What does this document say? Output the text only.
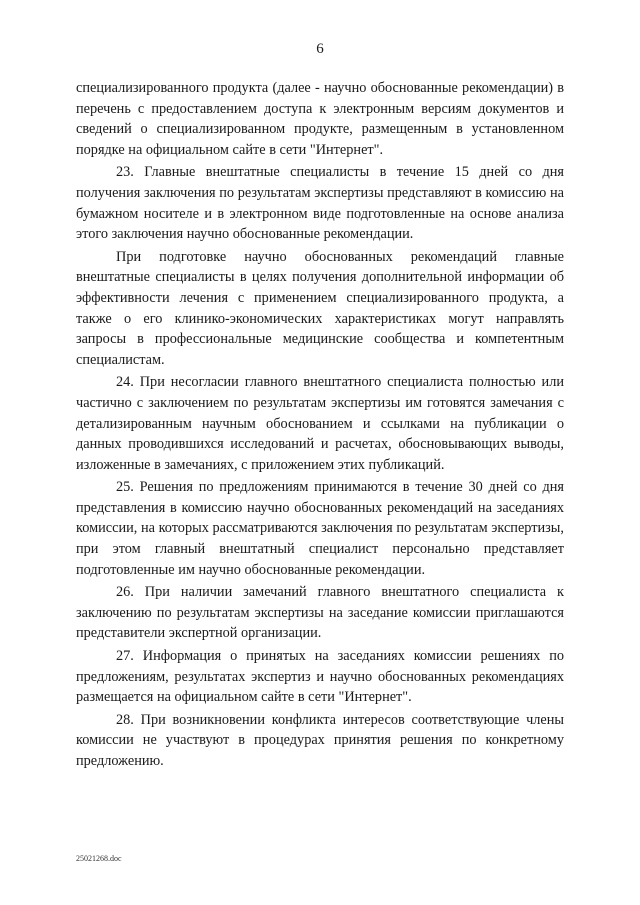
6

специализированного продукта (далее - научно обоснованные рекомендации) в перечень с предоставлением доступа к электронным версиям документов и сведений о специализированном продукте, размещенным в установленном порядке на официальном сайте в сети "Интернет".

23. Главные внештатные специалисты в течение 15 дней со дня получения заключения по результатам экспертизы представляют в комиссию на бумажном носителе и в электронном виде подготовленные на основе анализа этого заключения научно обоснованные рекомендации.

При подготовке научно обоснованных рекомендаций главные внештатные специалисты в целях получения дополнительной информации об эффективности лечения с применением специализированного продукта, а также о его клинико-экономических характеристиках могут направлять запросы в профессиональные медицинские сообщества и компетентным специалистам.

24. При несогласии главного внештатного специалиста полностью или частично с заключением по результатам экспертизы им готовятся замечания с детализированным научным обоснованием и ссылками на публикации о данных проводившихся исследований и расчетах, обосновывающих выводы, изложенные в замечаниях, с приложением этих публикаций.

25. Решения по предложениям принимаются в течение 30 дней со дня представления в комиссию научно обоснованных рекомендаций на заседаниях комиссии, на которых рассматриваются заключения по результатам экспертизы, при этом главный внештатный специалист персонально представляет подготовленные им научно обоснованные рекомендации.

26. При наличии замечаний главного внештатного специалиста к заключению по результатам экспертизы на заседание комиссии приглашаются представители экспертной организации.

27. Информация о принятых на заседаниях комиссии решениях по предложениям, результатах экспертиз и научно обоснованных рекомендациях размещается на официальном сайте в сети "Интернет".

28. При возникновении конфликта интересов соответствующие члены комиссии не участвуют в процедурах принятия решения по конкретному предложению.

25021268.doc
